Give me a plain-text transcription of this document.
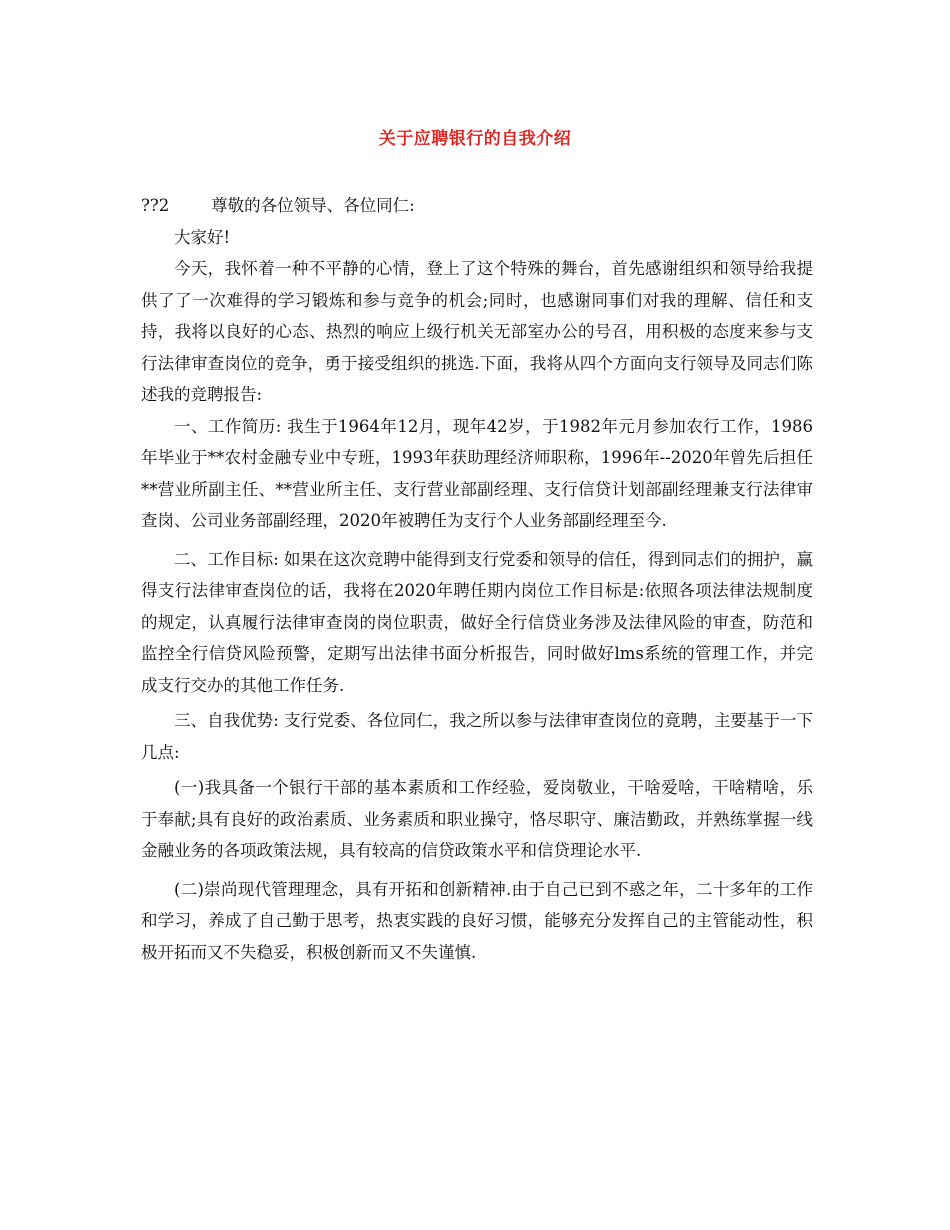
关于应聘银行的自我介绍

??2        尊敬的各位领导、各位同仁:

大家好!

今天，我怀着一种不平静的心情，登上了这个特殊的舞台，首先感谢组织和领导给我提供了了一次难得的学习锻炼和参与竞争的机会;同时，也感谢同事们对我的理解、信任和支持，我将以良好的心态、热烈的响应上级行机关无部室办公的号召，用积极的态度来参与支行法律审查岗位的竞争，勇于接受组织的挑选.下面，我将从四个方面向支行领导及同志们陈述我的竞聘报告:

一、工作简历: 我生于1964年12月，现年42岁，于1982年元月参加农行工作，1986年毕业于**农村金融专业中专班，1993年获助理经济师职称，1996年--2020年曾先后担任**营业所副主任、**营业所主任、支行营业部副经理、支行信贷计划部副经理兼支行法律审查岗、公司业务部副经理，2020年被聘任为支行个人业务部副经理至今.

二、工作目标: 如果在这次竞聘中能得到支行党委和领导的信任，得到同志们的拥护，赢得支行法律审查岗位的话，我将在2020年聘任期内岗位工作目标是:依照各项法律法规制度的规定，认真履行法律审查岗的岗位职责，做好全行信贷业务涉及法律风险的审查，防范和监控全行信贷风险预警，定期写出法律书面分析报告，同时做好lms系统的管理工作，并完成支行交办的其他工作任务.

三、自我优势: 支行党委、各位同仁，我之所以参与法律审查岗位的竟聘，主要基于一下几点:

(一)我具备一个银行干部的基本素质和工作经验，爱岗敬业，干啥爱啥，干啥精啥，乐于奉献;具有良好的政治素质、业务素质和职业操守，恪尽职守、廉洁勤政，并熟练掌握一线金融业务的各项政策法规，具有较高的信贷政策水平和信贷理论水平.

(二)崇尚现代管理理念，具有开拓和创新精神.由于自己已到不惑之年，二十多年的工作和学习，养成了自己勤于思考，热衷实践的良好习惯，能够充分发挥自己的主管能动性，积极开拓而又不失稳妥，积极创新而又不失谨慎.
